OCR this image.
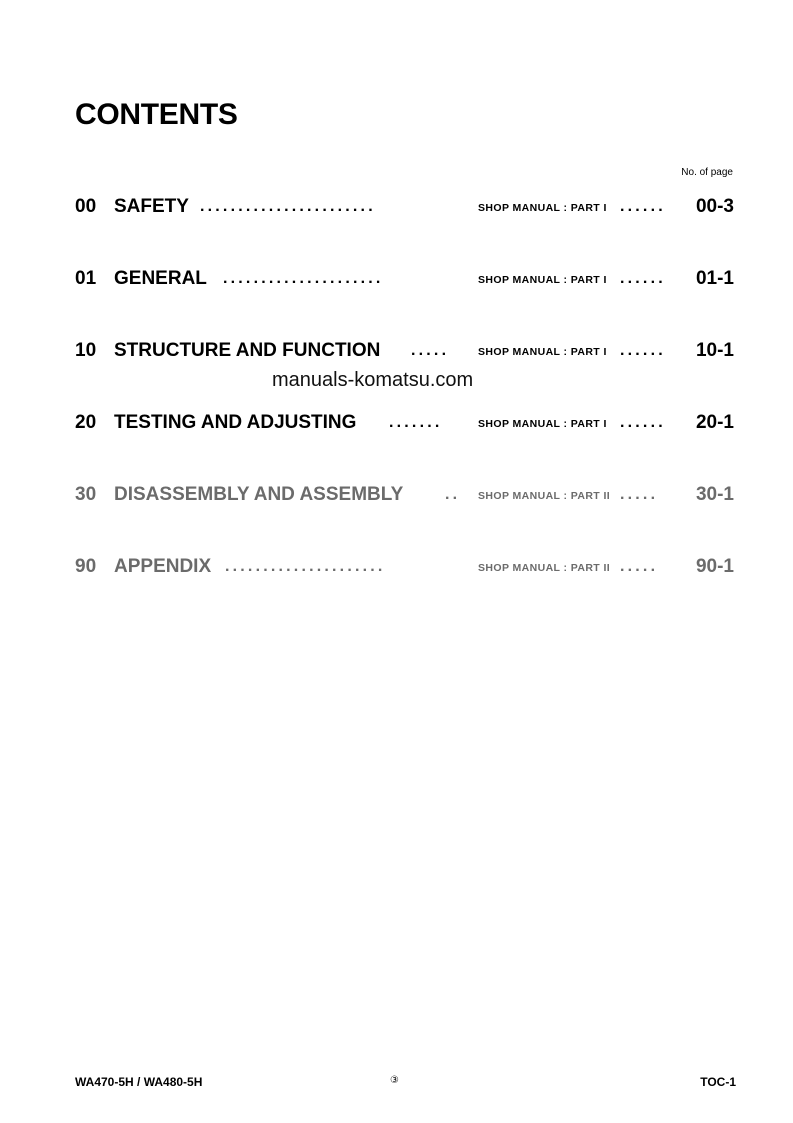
CONTENTS
No. of page
00 SAFETY .......................	SHOP MANUAL : PART I ...... 00-3
01 GENERAL .....................	SHOP MANUAL : PART I ...... 01-1
10 STRUCTURE AND FUNCTION .....	SHOP MANUAL : PART I ...... 10-1
20 TESTING AND ADJUSTING .......	SHOP MANUAL : PART I ...... 20-1
30 DISASSEMBLY AND ASSEMBLY	.. SHOP MANUAL : PART II ..... 30-1
90 APPENDIX .....................	SHOP MANUAL : PART II ..... 90-1
manuals-komatsu.com
WA470-5H / WA480-5H	③	TOC-1
